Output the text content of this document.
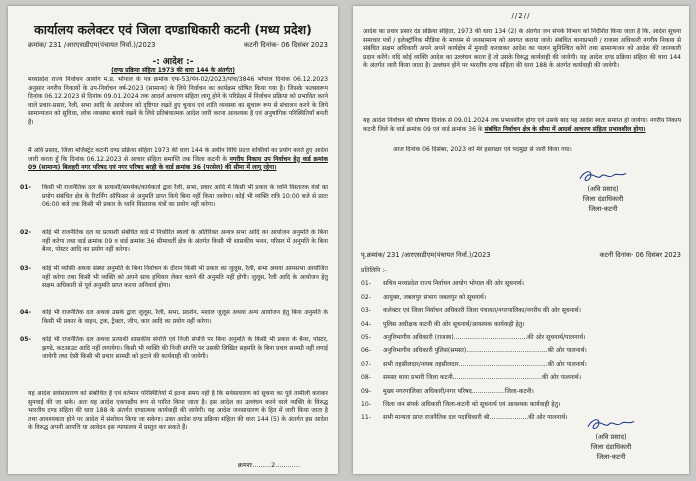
कार्यालय कलेक्टर एवं जिला दण्डाधिकारी कटनी (मध्य प्रदेश)
क्रमांक/ 231 /आरएसडीएम(पंचायत निर्वा.)/2023	कटनी दिनांक- 06 दिसंबर 2023
-: आदेश :-
(दण्ड प्रक्रिया संहिता 1973 की धारा 144 के अंतर्गत)
मध्यप्रदेश राज्य निर्वाचन आयोग म.प्र. भोपाल के पत्र क्रमांक एफ-53/पंन-02/2023/पांच/3846 भोपाल दिनांक 06.12.2023 अनुसार नगरीय निकायों के उप-निर्वाचन वर्ष-2023 (सामान्य) के लिये निर्वाचन का कार्यक्रम घोषित किया गया है। जिसके फलस्वरूप दिनांक 06.12.2023 से दिनांक 09.01.2024 तक आदर्श आचरण संहिता लागू होने के परिप्रेक्ष्य में निर्वाचन प्रक्रिया को प्रभावित करने वाले प्रचार-प्रसार, रैली, सभा आदि के आयोजन को दृष्टिगत रखते हुए चुनाव एवं शांति व्यवस्था का सुचारू रूप से संचालन करने के लिये सामान्यजन को सुविधा, लोक व्यवस्था बनाये रखने के लिये प्रतिबंधात्मक आदेश जारी करना आवश्यक है एवं अनुषांगिक परिस्थितियाँ बनती हैं।
मैं अवि प्रसाद, जिला मजिस्ट्रेट कटनी दण्ड प्रक्रिया संहिता 1973 की धारा 144 के अधीन विधि प्रदत्त शक्तियों का प्रयोग करते हुए आदेश जारी करता हूँ कि दिनांक 06.12.2023 से आचार संहिता समाप्ति तक जिला कटनी के नगरीय निकाय उप निर्वाचन हेतु वार्ड क्रमांक 09 (सामान्य) बिलहरी नगर परिषद एवं नगर परिषद बरही के वार्ड क्रमांक 36 (परसेल) की सीमा में लागू रहेगा।
01- किसी भी राजनैतिक दल के प्रत्याशी/समर्थक/कार्यकर्ता द्वारा रैली, सभा, प्रचार आदि में किसी भी प्रकार के ध्वनि विस्तारक यंत्रों का प्रयोग संबंधित क्षेत्र के रिटर्निंग ऑफिसर से अनुमति प्राप्त किये बिना नहीं किया जावेगा। कोई भी व्यक्ति रात्रि 10:00 बजे से प्रातः 06:00 बजे तक किसी भी प्रकार के ध्वनि विस्तारक यंत्रों का प्रयोग नहीं करेगा।
02- कोई भी राजनैतिक दल या प्रत्याशी संबंधित वार्ड में निर्धारित स्थलों के अतिरिक्त अन्यत्र सभा आदि का आयोजन अनुमति के बिना नहीं करेगा तथा वार्ड क्रमांक 09 व वार्ड क्रमांक 36 सीमावर्ती क्षेत्र के अंतर्गत किसी भी शासकीय भवन, परिसर में अनुमति के बिना बैनर, पोस्टर आदि का प्रयोग नहीं करेगा।
03- कोई भी व्यक्ति अथवा संस्था अनुमति के बिना निर्वाचन के दौरान किसी भी प्रकार का जुलूस, रैली, सभा अथवा आमसभा आयोजित नहीं करेगा तथा किसी भी व्यक्ति को अपने साथ हथियार लेकर चलने की अनुमति नहीं होगी। जुलूस, रैली आदि के आयोजन हेतु सक्षम अधिकारी से पूर्व अनुमति प्राप्त करना अनिवार्य होगा।
04- कोई भी राजनैतिक दल अथवा उसके द्वारा जुलूस, रैली, सभा, प्रदर्शन, मशाल जुलूस अथवा अन्य आयोजन हेतु बिना अनुमति के किसी भी प्रकार के वाहन, ट्रक, ट्रैक्टर, जीप, कार आदि का प्रयोग नहीं करेगा।
05- कोई भी राजनैतिक दल अथवा प्रत्याशी शासकीय संपत्ति एवं निजी संपत्ति पर बिना अनुमति के किसी भी प्रकार के बैनर, पोस्टर, झण्डे, कटआउट आदि नहीं लगायेगा। किसी भी व्यक्ति की निजी संपत्ति पर उसकी लिखित सहमति के बिना प्रचार सामग्री नहीं लगाई जायेगी तथा ऐसी किसी भी प्रचार सामग्री को हटाने की कार्यवाही की जायेगी।
यह आदेश सर्वसाधारण को संबोधित है एवं वर्तमान परिस्थितियों में इतना समय नहीं है कि सर्वसाधारण को सूचना का पूर्व तामीली कराकर सुनवाई की जा सके। अतः यह आदेश एकपक्षीय रूप से पारित किया जाता है। इस आदेश का उल्लंघन करने वाले व्यक्ति के विरुद्ध भारतीय दण्ड संहिता की धारा 188 के अंतर्गत दण्डात्मक कार्यवाही की जायेगी। यह आदेश जनसाधारण के हित में जारी किया जाता है तथा आवश्यकता होने पर आदेश में संशोधन किया जा सकेगा। उक्त आदेश दण्ड प्रक्रिया संहिता की धारा 144 (5) के अंतर्गत इस आदेश के विरुद्ध अपनी आपत्ति या आवेदन इस न्यायालय में प्रस्तुत कर सकते हैं।
क्रमशः.........2............
//2//
आदेश का प्रचार प्रसार दंड प्रक्रिया संहिता, 1973 की धारा 134 (2) के अंतर्गत जन संपर्क विभाग को निर्देशित किया जाता है कि, आदेश सूचना समाचार पत्रों / इलेक्ट्रॉनिक मीडिया के माध्यम से जनसामान्य को अवगत कराया जावे। संबंधित थानाप्रभारी / राजस्व अधिकारी नगरीय निकाय से संबंधित सक्षम अधिकारी अपने अपने कार्यक्षेत्र में मुनादी करवाकर आदेश का पालन सुनिश्चित करेंगे तथा सामान्यजन को आदेश की जानकारी प्रदान करेंगे। यदि कोई व्यक्ति आदेश का उल्लंघन करता है तो उसके विरुद्ध कार्यवाही की जायेगी। यह आदेश दण्ड प्रक्रिया संहिता की धारा 144 के अंतर्गत जारी किया जाता है। उल्लंघन होने पर भारतीय दण्ड संहिता की धारा 188 के अंतर्गत कार्यवाही की जावेगी।
यह आदेश निर्वाचन की घोषणा दिनांक से 09.01.2024 तक प्रभावशील होगा एवं उसके बाद यह आदेश स्वतः समाप्त हो जायेगा। नगरीय निकाय कटनी जिले के वार्ड क्रमांक 09 एवं वार्ड क्रमांक 36 के संबंधित निर्वाचन क्षेत्र के सीमा में आदर्श आचरण संहिता प्रभावशील होगा।
आज दिनांक 06 दिसंबर, 2023 को मेरे हस्ताक्षर एवं पदमुद्रा से जारी किया गया।
(अवि प्रसाद)
जिला दंडाधिकारी
जिला-कटनी
पृ.क्रमांक/ 231 /आरएसडीएम(पंचायत निर्वा.)/2023	कटनी दिनांक- 06 दिसंबर 2023
प्रतिलिपि :-
01-	सचिव मध्यप्रदेश राज्य निर्वाचन आयोग भोपाल की ओर सूचनार्थ।
02-	आयुक्त, जबलपुर संभाग जबलपुर को सूचनार्थ।
03-	कलेक्टर एवं जिला निर्वाचन अधिकारी जिला पंचायत/नगरपालिका/नगरीय की ओर सूचनार्थ।
04-	पुलिस अधीक्षक कटनी की ओर सूचनार्थ/आवश्यक कार्यवाही हेतु।
05-	अनुविभागीय अधिकारी (राजस्व)......................................की ओर सूचनार्थ/पालनार्थ।
06-	अनुविभागीय अधिकारी पुलिस(समस्त)..........................................की ओर पालनार्थ।
07-	सभी तहसीलदार/नायब तहसीलदार..............................................की ओर पालनार्थ।
08-	समस्त थाना प्रभारी जिला कटनी..............................................की ओर पालनार्थ।
09-	मुख्य नगरपालिका अधिकारी/नगर परिषद.................जिला-कटनी।
10-	जिला जन संपर्क अधिकारी जिला-कटनी को सूचनार्थ एवं आवश्यक कार्यवाही हेतु।
11-	सभी मान्यता प्राप्त राजनैतिक दल पदाधिकारी श्री....................की ओर पालनार्थ।
(अवि प्रसाद)
जिला दंडाधिकारी
जिला-कटनी
